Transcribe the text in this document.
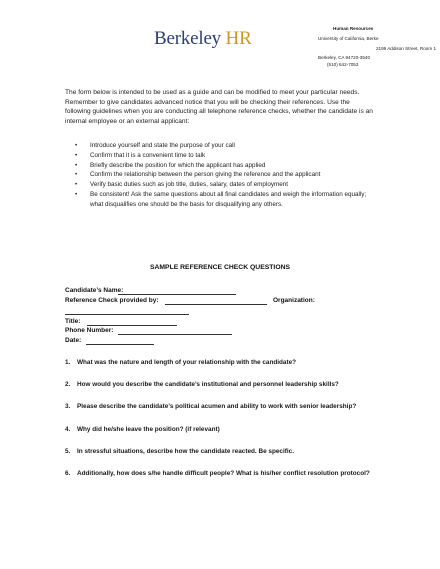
Berkeley HR	Human Resources
University of California, Berke
2199 Addison Street, Room 1
Berkeley, CA 94720-3540
(510) 642-7053

The form below is intended to be used as a guide and can be modified to meet your particular needs. Remember to give candidates advanced notice that you will be checking their references. Use the following guidelines when you are conducting all telephone reference checks, whether the candidate is an internal employee or an external applicant:

• Introduce yourself and state the purpose of your call
• Confirm that it is a convenient time to talk
• Briefly describe the position for which the applicant has applied
• Confirm the relationship between the person giving the reference and the applicant
• Verify basic duties such as job title, duties, salary, dates of employment
• Be consistent! Ask the same questions about all final candidates and weigh the information equally; what disqualifies one should be the basis for disqualifying any others.
SAMPLE REFERENCE CHECK QUESTIONS
Candidate’s Name:
Reference Check provided by:	Organization:
Title:
Phone Number:
Date:
1. What was the nature and length of your relationship with the candidate?
2. How would you describe the candidate’s institutional and personnel leadership skills?
3. Please describe the candidate’s political acumen and ability to work with senior leadership?
4. Why did he/she leave the position? (if relevant)
5. In stressful situations, describe how the candidate reacted. Be specific.
6. Additionally, how does s/he handle difficult people? What is his/her conflict resolution protocol?
